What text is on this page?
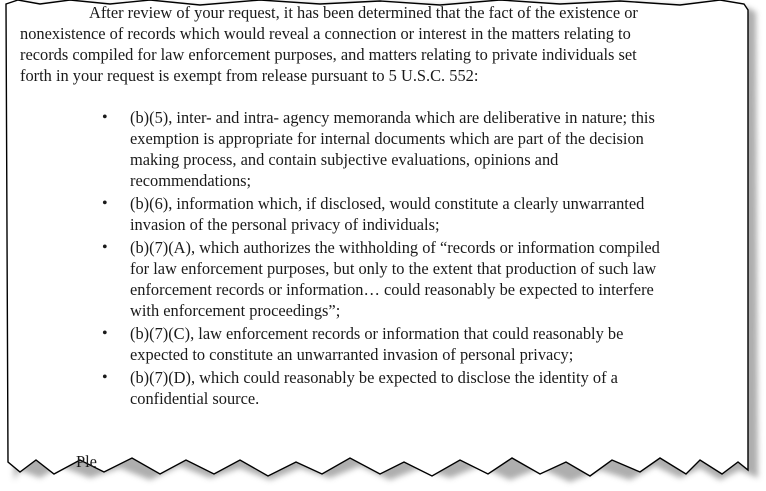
After review of your request, it has been determined that the fact of the existence or
nonexistence of records which would reveal a connection or interest in the matters relating to
records compiled for law enforcement purposes, and matters relating to private individuals set
forth in your request is exempt from release pursuant to 5 U.S.C. 552:

• (b)(5), inter- and intra- agency memoranda which are deliberative in nature; this
exemption is appropriate for internal documents which are part of the decision
making process, and contain subjective evaluations, opinions and
recommendations;
• (b)(6), information which, if disclosed, would constitute a clearly unwarranted
invasion of the personal privacy of individuals;
• (b)(7)(A), which authorizes the withholding of “records or information compiled
for law enforcement purposes, but only to the extent that production of such law
enforcement records or information… could reasonably be expected to interfere
with enforcement proceedings”;
• (b)(7)(C), law enforcement records or information that could reasonably be
expected to constitute an unwarranted invasion of personal privacy;
• (b)(7)(D), which could reasonably be expected to disclose the identity of a
confidential source.
Ple
